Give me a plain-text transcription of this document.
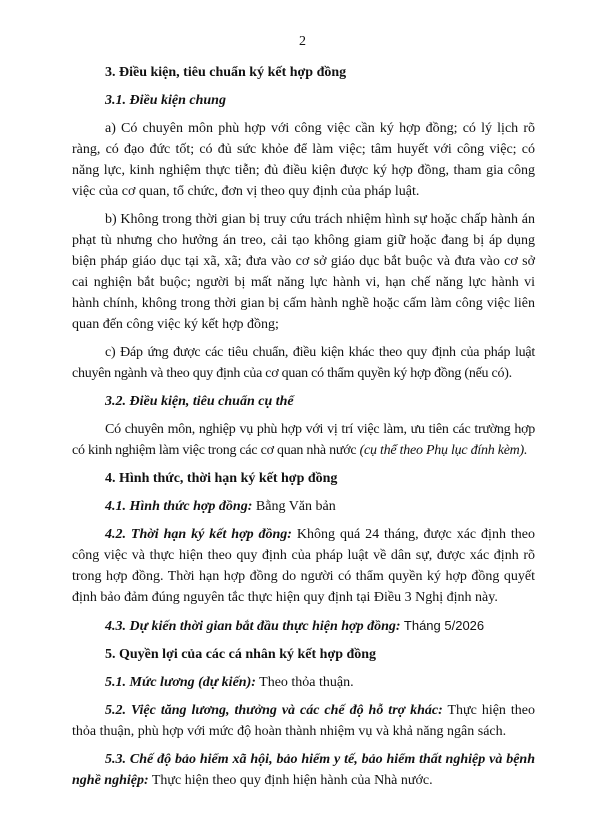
2

3. Điều kiện, tiêu chuẩn ký kết hợp đồng

3.1. Điều kiện chung

a) Có chuyên môn phù hợp với công việc cần ký hợp đồng; có lý lịch rõ ràng, có đạo đức tốt; có đủ sức khỏe để làm việc; tâm huyết với công việc; có năng lực, kinh nghiệm thực tiễn; đủ điều kiện được ký hợp đồng, tham gia công việc của cơ quan, tổ chức, đơn vị theo quy định của pháp luật.

b) Không trong thời gian bị truy cứu trách nhiệm hình sự hoặc chấp hành án phạt tù nhưng cho hưởng án treo, cải tạo không giam giữ hoặc đang bị áp dụng biện pháp giáo dục tại xã, xã; đưa vào cơ sở giáo dục bắt buộc và đưa vào cơ sở cai nghiện bắt buộc; người bị mất năng lực hành vi, hạn chế năng lực hành vi hành chính, không trong thời gian bị cấm hành nghề hoặc cấm làm công việc liên quan đến công việc ký kết hợp đồng;

c) Đáp ứng được các tiêu chuẩn, điều kiện khác theo quy định của pháp luật chuyên ngành và theo quy định của cơ quan có thẩm quyền ký hợp đồng (nếu có).

3.2. Điều kiện, tiêu chuẩn cụ thể

Có chuyên môn, nghiệp vụ phù hợp với vị trí việc làm, ưu tiên các trường hợp có kinh nghiệm làm việc trong các cơ quan nhà nước (cụ thể theo Phụ lục đính kèm).

4. Hình thức, thời hạn ký kết hợp đồng

4.1. Hình thức hợp đồng: Bằng Văn bản

4.2. Thời hạn ký kết hợp đồng: Không quá 24 tháng, được xác định theo công việc và thực hiện theo quy định của pháp luật về dân sự, được xác định rõ trong hợp đồng. Thời hạn hợp đồng do người có thẩm quyền ký hợp đồng quyết định bảo đảm đúng nguyên tắc thực hiện quy định tại Điều 3 Nghị định này.

4.3. Dự kiến thời gian bắt đầu thực hiện hợp đồng: Tháng 5/2026

5. Quyền lợi của các cá nhân ký kết hợp đồng

5.1. Mức lương (dự kiến): Theo thỏa thuận.

5.2. Việc tăng lương, thưởng và các chế độ hỗ trợ khác: Thực hiện theo thỏa thuận, phù hợp với mức độ hoàn thành nhiệm vụ và khả năng ngân sách.

5.3. Chế độ bảo hiểm xã hội, bảo hiểm y tế, bảo hiểm thất nghiệp và bệnh nghề nghiệp: Thực hiện theo quy định hiện hành của Nhà nước.
